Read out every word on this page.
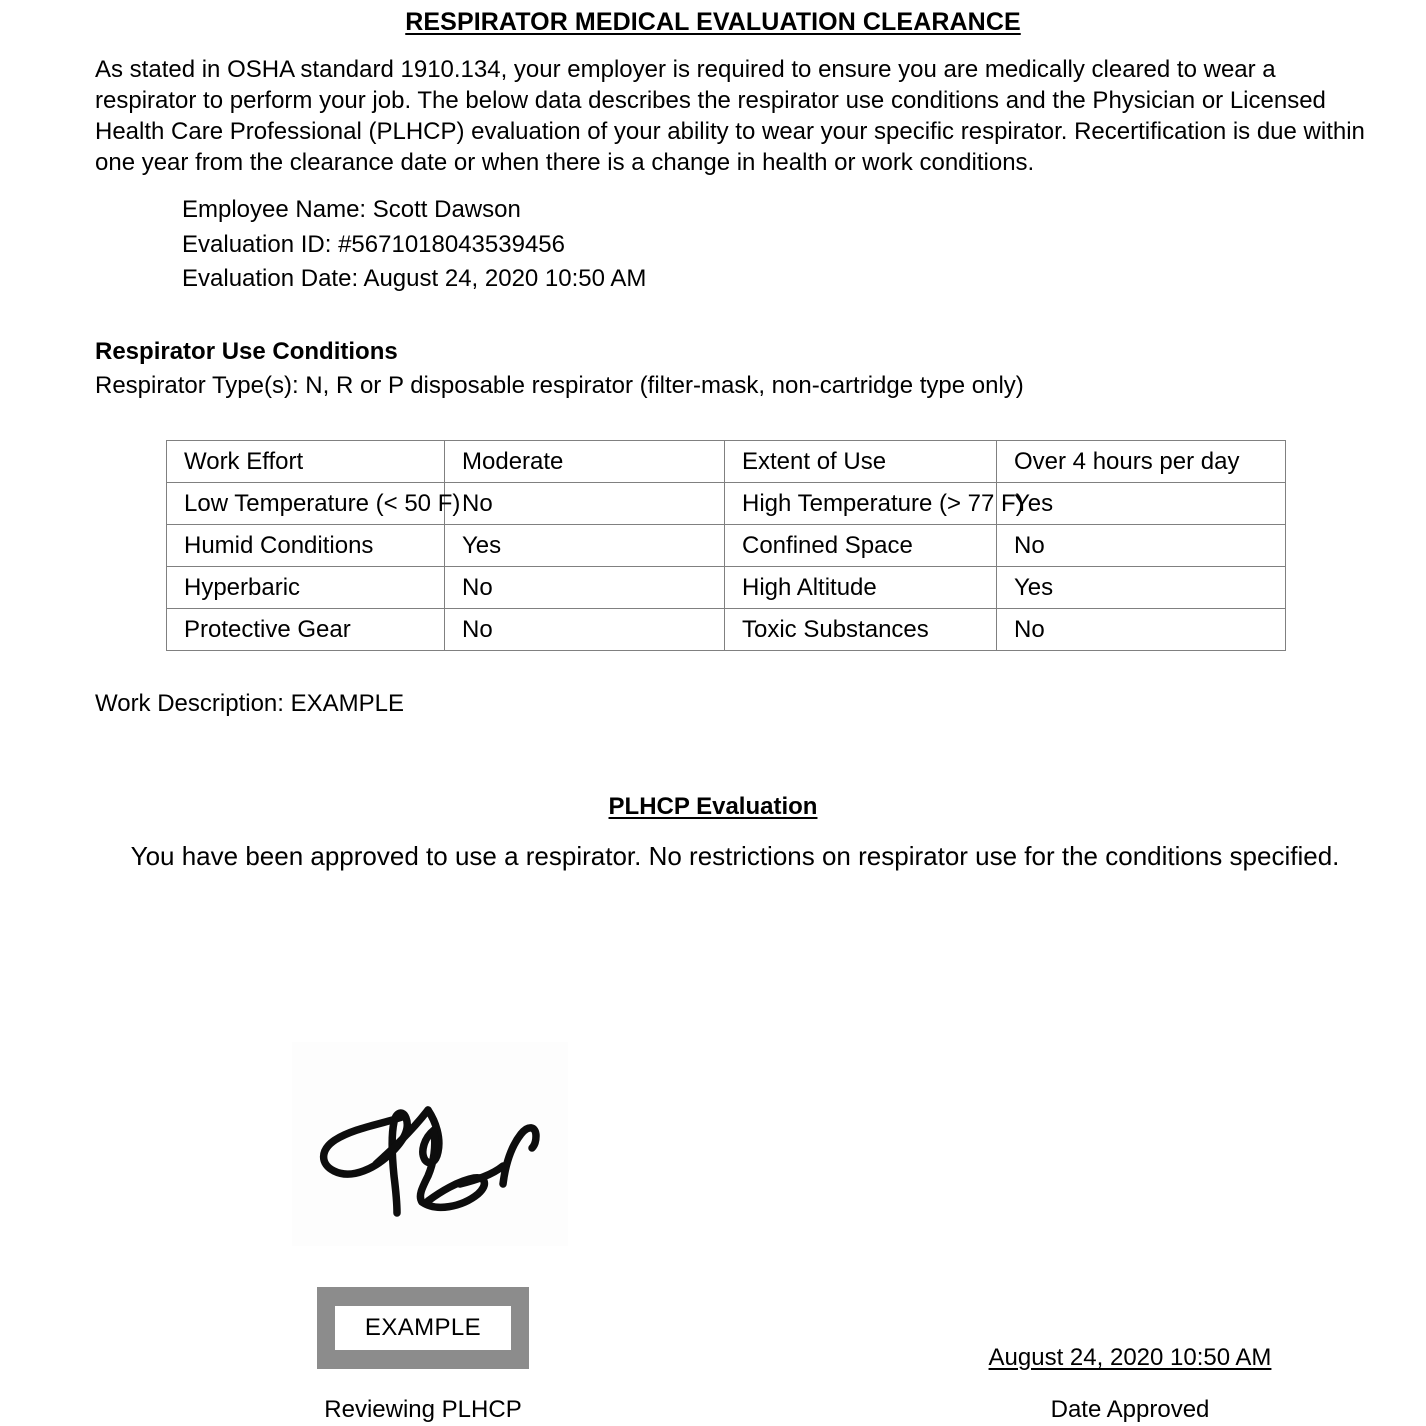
RESPIRATOR MEDICAL EVALUATION CLEARANCE
As stated in OSHA standard 1910.134, your employer is required to ensure you are medically cleared to wear a respirator to perform your job. The below data describes the respirator use conditions and the Physician or Licensed Health Care Professional (PLHCP) evaluation of your ability to wear your specific respirator. Recertification is due within one year from the clearance date or when there is a change in health or work conditions.
Employee Name: Scott Dawson
Evaluation ID: #5671018043539456
Evaluation Date: August 24, 2020 10:50 AM
Respirator Use Conditions
Respirator Type(s): N, R or P disposable respirator (filter-mask, non-cartridge type only)
Work Effort	Moderate	Extent of Use	Over 4 hours per day
Low Temperature (< 50 F)	No	High Temperature (> 77 F)	Yes
Humid Conditions	Yes	Confined Space	No
Hyperbaric	No	High Altitude	Yes
Protective Gear	No	Toxic Substances	No
Work Description: EXAMPLE
PLHCP Evaluation
You have been approved to use a respirator. No restrictions on respirator use for the conditions specified.
EXAMPLE
Reviewing PLHCP
August 24, 2020 10:50 AM
Date Approved
